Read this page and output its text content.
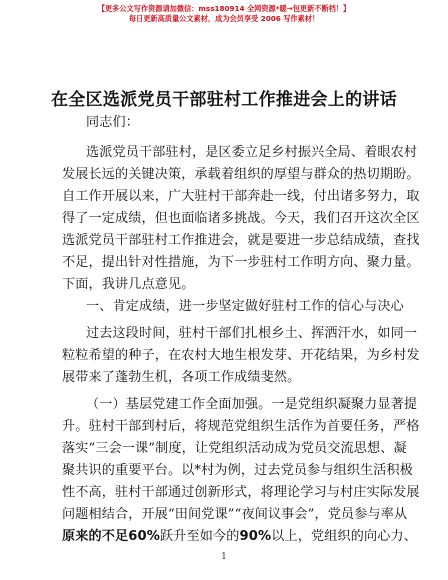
【更多公文写作资源请加微信：mss180914 全网资源*暖→包更新不断档！】
每日更新高质量公文素材，成为会员享受 2006 写作素材！
在全区选派党员干部驻村工作推进会上的讲话
同志们：
选派党员干部驻村，是区委立足乡村振兴全局、着眼农村
发展长远的关键决策，承载着组织的厚望与群众的热切期盼。
自工作开展以来，广大驻村干部奔赴一线，付出诸多努力，取
得了一定成绩，但也面临诸多挑战。今天，我们召开这次全区
选派党员干部驻村工作推进会，就是要进一步总结成绩，查找
不足，提出针对性措施，为下一步驻村工作明方向、聚力量。
下面，我讲几点意见。
一、肯定成绩，进一步坚定做好驻村工作的信心与决心
过去这段时间，驻村干部们扎根乡土、挥洒汗水，如同一
粒粒希望的种子，在农村大地生根发芽、开花结果，为乡村发
展带来了蓬勃生机，各项工作成绩斐然。
（一）基层党建工作全面加强。一是党组织凝聚力显著提
升。驻村干部到村后，将规范党组织生活作为首要任务，严格
落实“三会一课”制度，让党组织活动成为党员交流思想、凝
聚共识的重要平台。以*村为例，过去党员参与组织生活积极
性不高，驻村干部通过创新形式，将理论学习与村庄实际发展
问题相结合，开展“田间党课”“夜间议事会”，党员参与率从
原来的不足60%跃升至如今的90%以上，党组织的向心力、
1
